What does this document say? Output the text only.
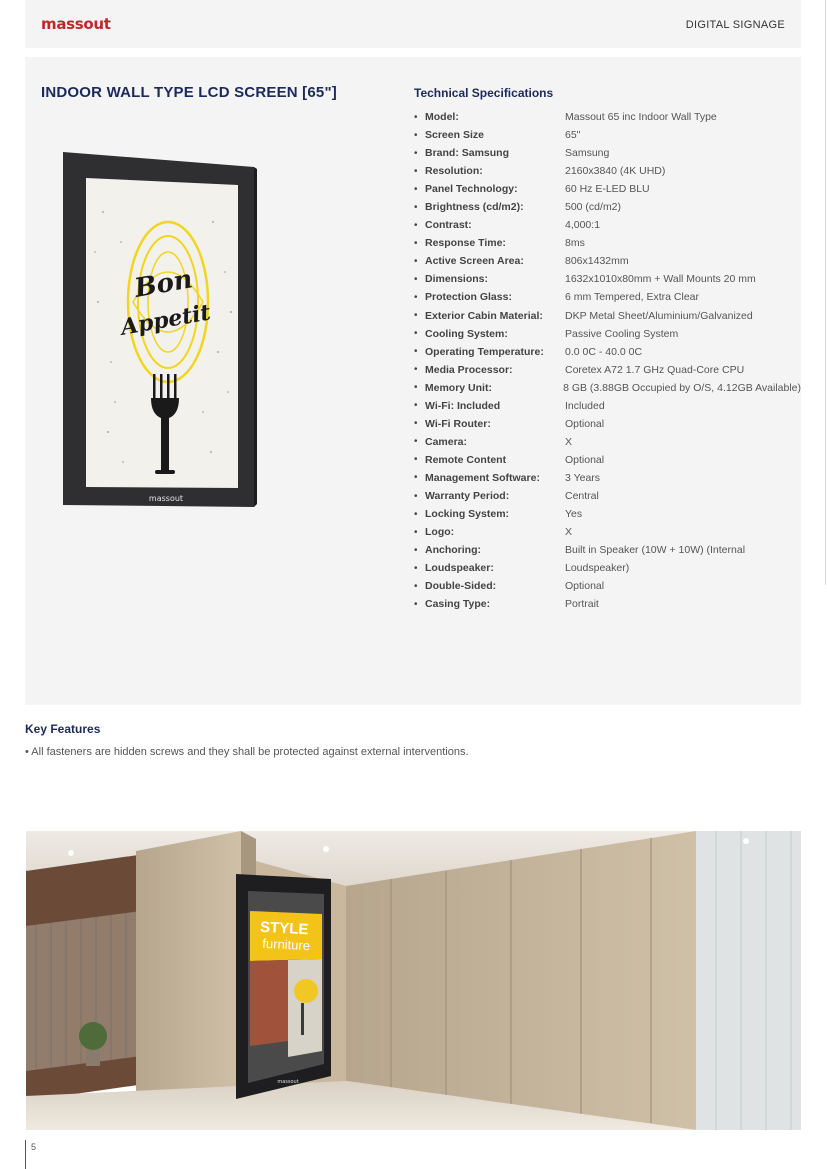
massout	DIGITAL SIGNAGE
INDOOR WALL TYPE LCD SCREEN [65"]
Bon
Appetit
massout
Technical Specifications
• Model:	Massout 65 inc Indoor Wall Type
• Screen Size	65"
• Brand: Samsung	Samsung
• Resolution:	2160x3840 (4K UHD)
• Panel Technology:	60 Hz E-LED BLU
• Brightness (cd/m2):	500 (cd/m2)
• Contrast:	4,000:1
• Response Time:	8ms
• Active Screen Area:	806x1432mm
• Dimensions:	1632x1010x80mm + Wall Mounts 20 mm
• Protection Glass:	6 mm Tempered, Extra Clear
• Exterior Cabin Material:	DKP Metal Sheet/Aluminium/Galvanized
• Cooling System:	Passive Cooling System
• Operating Temperature:	0.0 0C - 40.0 0C
• Media Processor:	Coretex A72 1.7 GHz Quad-Core CPU
• Memory Unit:	8 GB (3.88GB Occupied by O/S, 4.12GB Available)
• Wi-Fi: Included	Included
• Wi-Fi Router:	Optional
• Camera:	X
• Remote Content	Optional
• Management Software:	3 Years
• Warranty Period:	Central
• Locking System:	Yes
• Logo:	X
• Anchoring:	Built in Speaker (10W + 10W) (Internal
• Loudspeaker:	Loudspeaker)
• Double-Sided:	Optional
• Casing Type:	Portrait
Key Features
• All fasteners are hidden screws and they shall be protected against external interventions.
STYLE
furniture
massout
5
